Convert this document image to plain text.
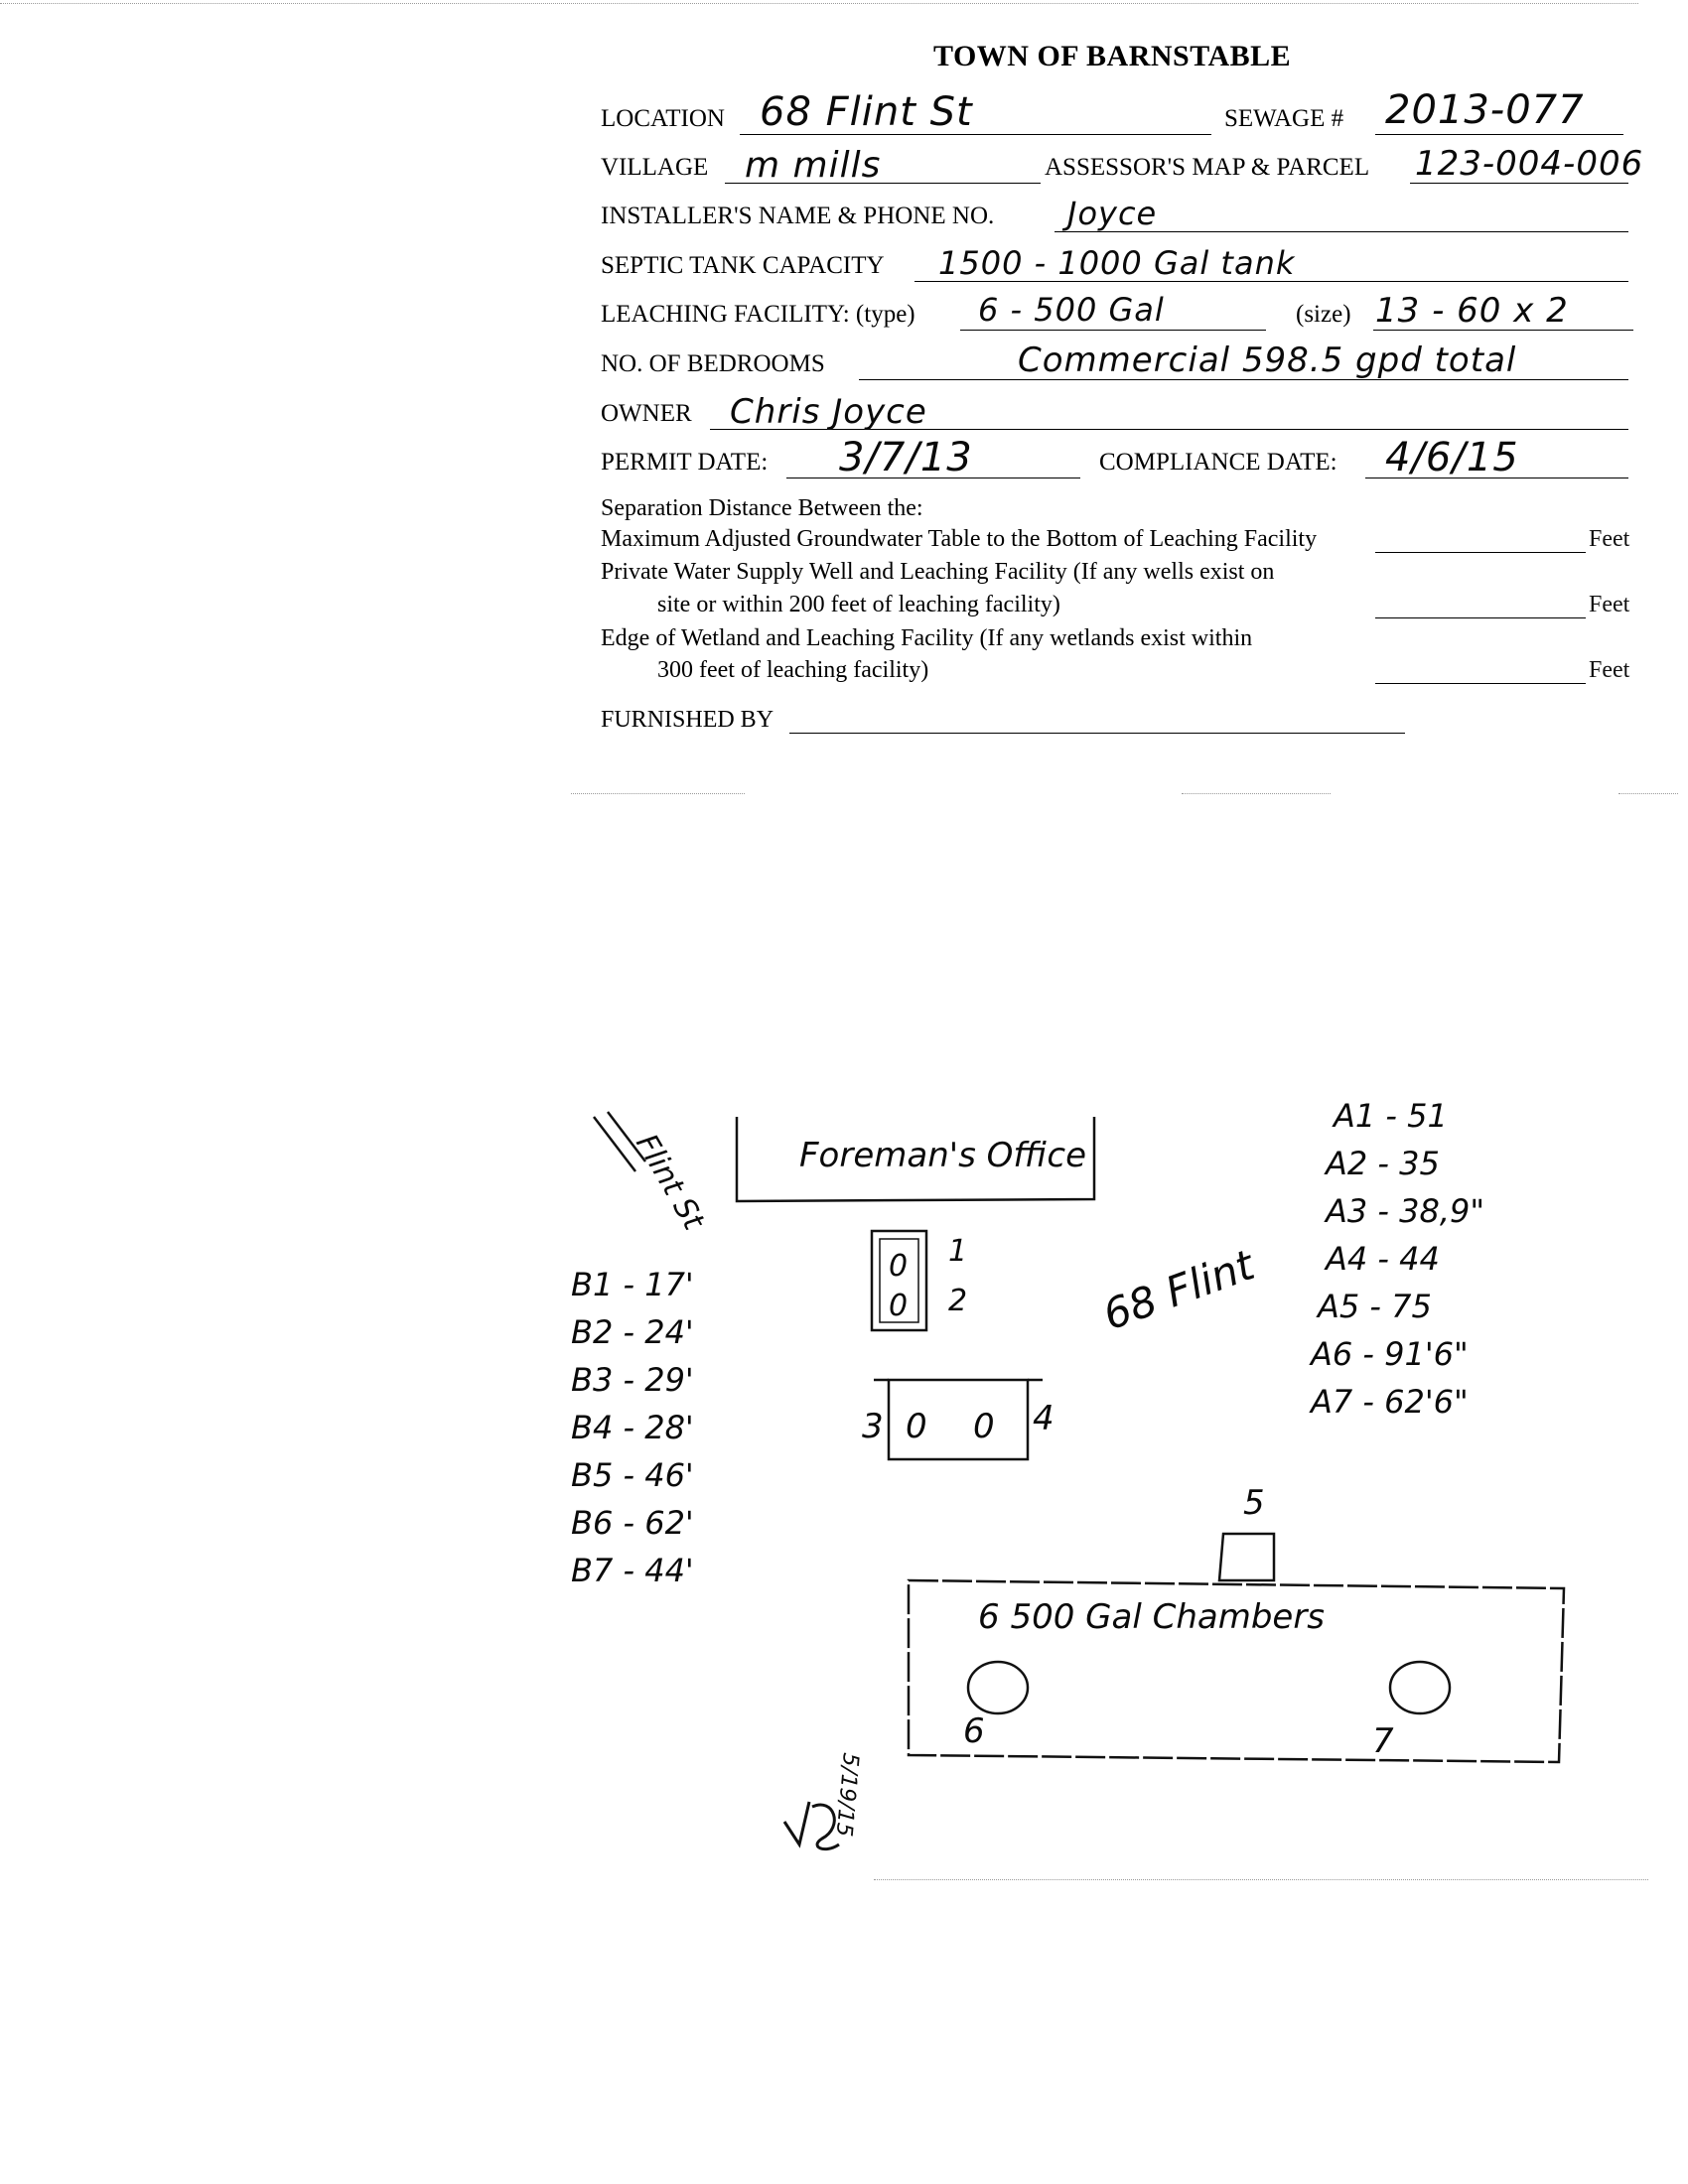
TOWN OF BARNSTABLE
LOCATION 68 Flint St	SEWAGE # 2013-077
VILLAGE m mills	ASSESSOR'S MAP & PARCEL 123-004-006
INSTALLER'S NAME & PHONE NO. Joyce
SEPTIC TANK CAPACITY 1500 - 1000 Gal tank
LEACHING FACILITY: (type) 6 - 500 Gal	(size) 13 - 60 x 2
NO. OF BEDROOMS	Commercial 598.5 gpd total
OWNER Chris Joyce
PERMIT DATE: 3/7/13	COMPLIANCE DATE: 4/6/15
Separation Distance Between the:
Maximum Adjusted Groundwater Table to the Bottom of Leaching Facility	Feet
Private Water Supply Well and Leaching Facility (If any wells exist on
site or within 200 feet of leaching facility)	Feet
Edge of Wetland and Leaching Facility (If any wetlands exist within
300 feet of leaching facility)	Feet
FURNISHED BY
Flint St	Foreman's Office
0
0
1
2
0 0
3	4
68 Flint
5
6 500 Gal Chambers
6	7
A1 - 51
A2 - 35
A3 - 38,9"
A4 - 44
A5 - 75
A6 - 91'6"
A7 - 62'6"
B1 - 17'
B2 - 24'
B3 - 29'
B4 - 28'
B5 - 46'
B6 - 62'
B7 - 44'
5/19/15
